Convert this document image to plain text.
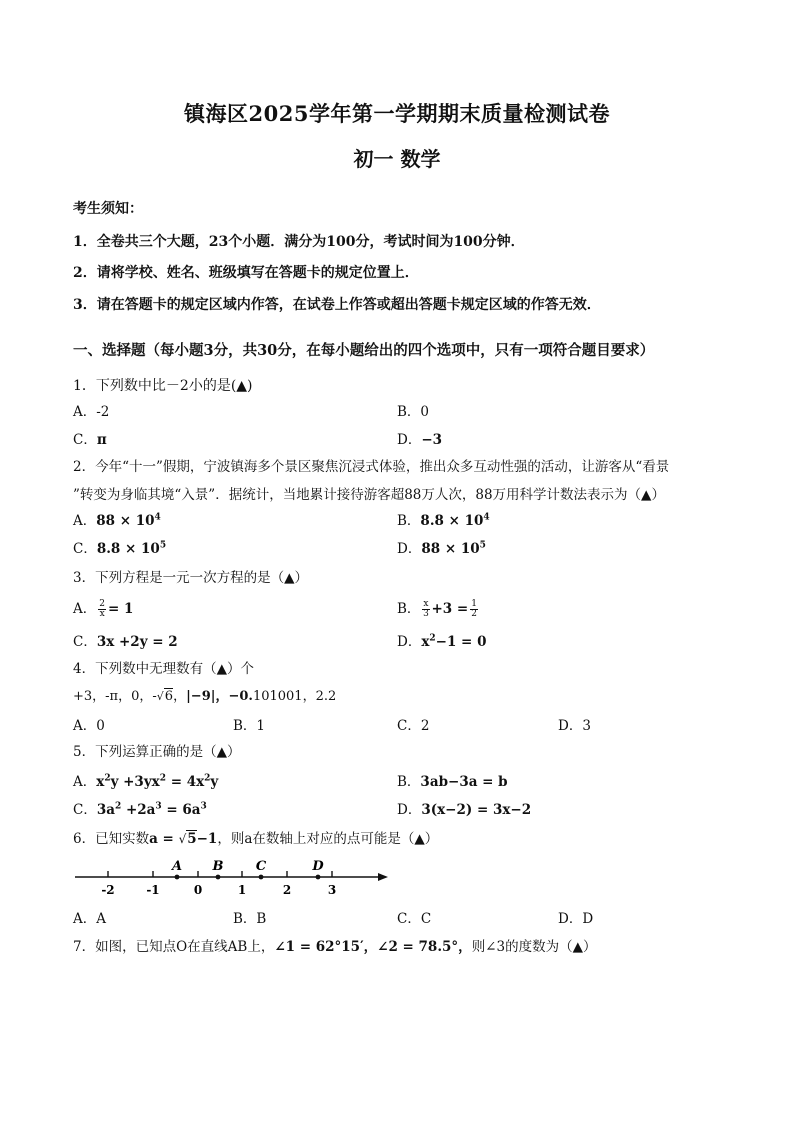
镇海区2025学年第一学期期末质量检测试卷
初一 数学
考生须知：
1．全卷共三个大题，23个小题．满分为100分，考试时间为100分钟．
2．请将学校、姓名、班级填写在答题卡的规定位置上．
3．请在答题卡的规定区域内作答，在试卷上作答或超出答题卡规定区域的作答无效．
一、选择题（每小题3分，共30分，在每小题给出的四个选项中，只有一项符合题目要求）
1．下列数中比－2小的是(▲)
A．-2	B．0
C．π	D．−3
2．今年“十一”假期，宁波镇海多个景区聚焦沉浸式体验，推出众多互动性强的活动，让游客从“看景
”转变为身临其境“入景”．据统计，当地累计接待游客超88万人次，88万用科学计数法表示为（▲）
A．$88 \times 10^4$	B．$8.8 \times 10^4$
C．$8.8 \times 10^5$	D．$88 \times 10^5$
3．下列方程是一元一次方程的是（▲）
A． $\frac{2}{x} = 1$	B． $\frac{x}{3} +3 = \frac{1}{2}$
C．3x +2y = 2	D．$x^2-1 = 0$
4．下列数中无理数有（▲）个
+3，-π，0，-√6，|−9|，−0.101001，2.2
A．0	B．1	C．2	D．3
5．下列运算正确的是（▲）
A．$x^2y +3yx^2 = 4x^2y$	B．3ab−3a = b
C．$3a^2 +2a^3 = 6a^3$	D．3(x−2) = 3x−2
6．已知实数a = √5−1，则a在数轴上对应的点可能是（▲）
-2	-1	0	1	2	3
A B C	D
A．A	B．B	C．C	D．D
7．如图，已知点O在直线AB上，∠1 = 62°15′，∠2 = 78.5°，则∠3的度数为（▲）
